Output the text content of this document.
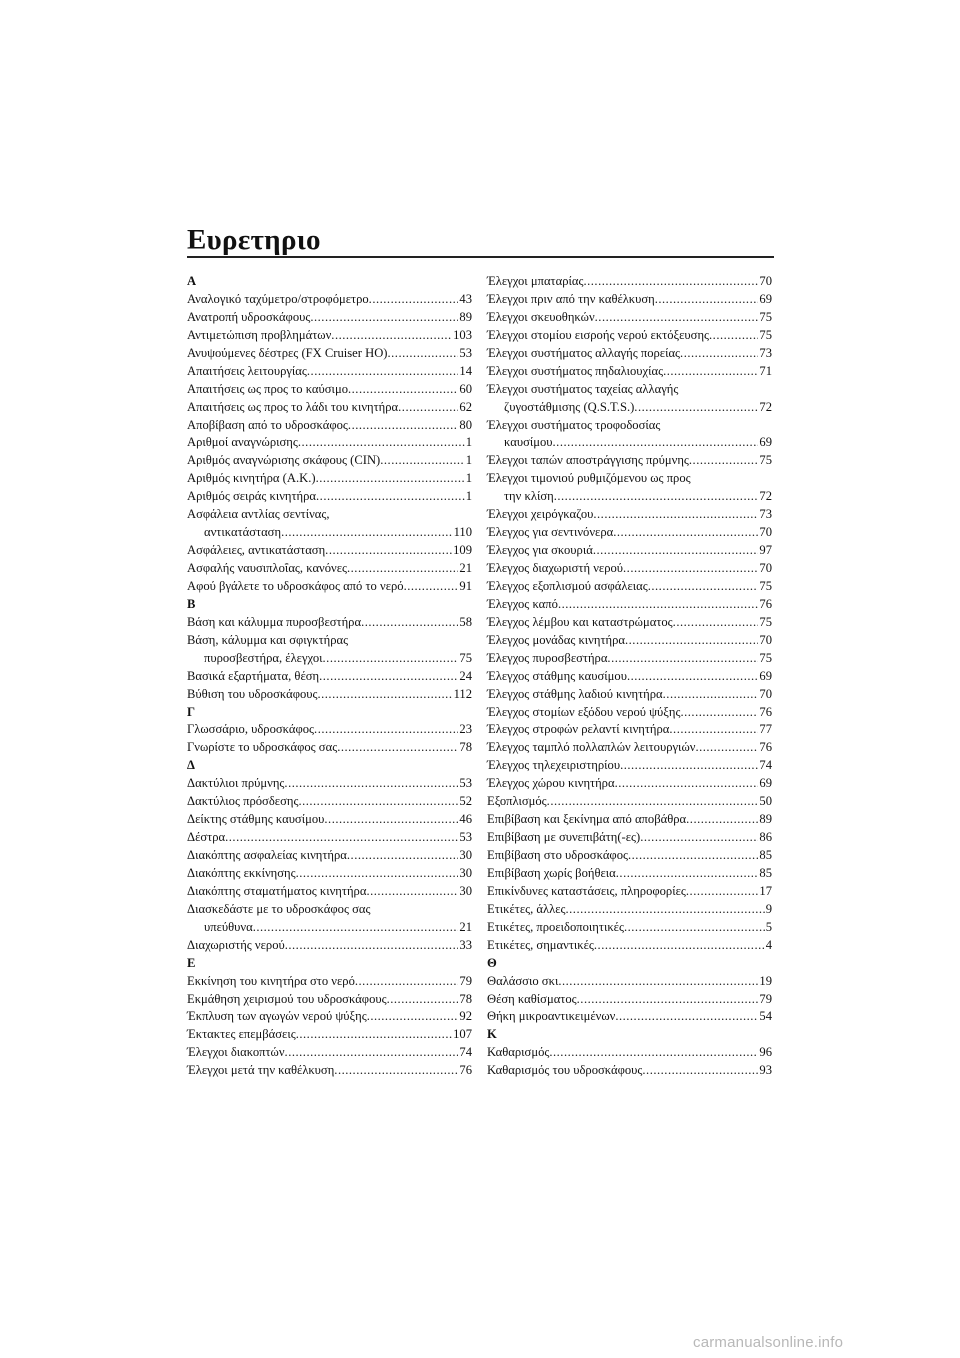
Ευρετηριο
Α
Αναλογικό ταχύμετρο/στροφόμετρο .....	43
Ανατροπή υδροσκάφους .....	89
Αντιμετώπιση προβλημάτων .....	103
Ανυψούμενες δέστρες (FX Cruiser HO) .....	53
Απαιτήσεις λειτουργίας .....	14
Απαιτήσεις ως προς το καύσιμο .....	60
Απαιτήσεις ως προς το λάδι του κινητήρα .....	62
Αποβίβαση από το υδροσκάφος .....	80
Αριθμοί αναγνώρισης .....	1
Αριθμός αναγνώρισης σκάφους (CIN) .....	1
Αριθμός κινητήρα (Α.Κ.) .....	1
Αριθμός σειράς κινητήρα .....	1
Ασφάλεια αντλίας σεντίνας,
αντικατάσταση .....	110
Ασφάλειες, αντικατάσταση .....	109
Ασφαλής ναυσιπλοΐας, κανόνες .....	21
Αφού βγάλετε το υδροσκάφος από το νερό .....	91
Β
Βάση και κάλυμμα πυροσβεστήρα .....	58
Βάση, κάλυμμα και σφιγκτήρας
πυροσβεστήρα, έλεγχοι .....	75
Βασικά εξαρτήματα, θέση .....	24
Βύθιση του υδροσκάφους .....	112
Γ
Γλωσσάριο, υδροσκάφος .....	23
Γνωρίστε το υδροσκάφος σας .....	78
Δ
Δακτύλιοι πρύμνης .....	53
Δακτύλιος πρόσδεσης .....	52
Δείκτης στάθμης καυσίμου .....	46
Δέστρα .....	53
Διακόπτης ασφαλείας κινητήρα .....	30
Διακόπτης εκκίνησης .....	30
Διακόπτης σταματήματος κινητήρα .....	30
Διασκεδάστε με το υδροσκάφος σας
υπεύθυνα .....	21
Διαχωριστής νερού .....	33
Ε
Εκκίνηση του κινητήρα στο νερό .....	79
Εκμάθηση χειρισμού του υδροσκάφους .....	78
Έκπλυση των αγωγών νερού ψύξης .....	92
Έκτακτες επεμβάσεις .....	107
Έλεγχοι διακοπτών .....	74
Έλεγχοι μετά την καθέλκυση .....	76
Έλεγχοι μπαταρίας .....	70
Έλεγχοι πριν από την καθέλκυση .....	69
Έλεγχοι σκευοθηκών .....	75
Έλεγχοι στομίου εισροής νερού εκτόξευσης .....	75
Έλεγχοι συστήματος αλλαγής πορείας .....	73
Έλεγχοι συστήματος πηδαλιουχίας .....	71
Έλεγχοι συστήματος ταχείας αλλαγής
ζυγοστάθμισης (Q.S.T.S.) .....	72
Έλεγχοι συστήματος τροφοδοσίας
καυσίμου .....	69
Έλεγχοι ταπών αποστράγγισης πρύμνης .....	75
Έλεγχοι τιμονιού ρυθμιζόμενου ως προς
την κλίση .....	72
Έλεγχοι χειρόγκαζου .....	73
Έλεγχος για σεντινόνερα .....	70
Έλεγχος για σκουριά .....	97
Έλεγχος διαχωριστή νερού .....	70
Έλεγχος εξοπλισμού ασφάλειας .....	75
Έλεγχος καπό .....	76
Έλεγχος λέμβου και καταστρώματος .....	75
Έλεγχος μονάδας κινητήρα .....	70
Έλεγχος πυροσβεστήρα .....	75
Έλεγχος στάθμης καυσίμου .....	69
Έλεγχος στάθμης λαδιού κινητήρα .....	70
Έλεγχος στομίων εξόδου νερού ψύξης .....	76
Έλεγχος στροφών ρελαντί κινητήρα .....	77
Έλεγχος ταμπλό πολλαπλών λειτουργιών .....	76
Έλεγχος τηλεχειριστηρίου .....	74
Έλεγχος χώρου κινητήρα .....	69
Εξοπλισμός .....	50
Επιβίβαση και ξεκίνημα από αποβάθρα .....	89
Επιβίβαση με συνεπιβάτη(-ες) .....	86
Επιβίβαση στο υδροσκάφος .....	85
Επιβίβαση χωρίς βοήθεια .....	85
Επικίνδυνες καταστάσεις, πληροφορίες .....	17
Ετικέτες, άλλες .....	9
Ετικέτες, προειδοποιητικές .....	5
Ετικέτες, σημαντικές .....	4
Θ
Θαλάσσιο σκι .....	19
Θέση καθίσματος .....	79
Θήκη μικροαντικειμένων .....	54
Κ
Καθαρισμός .....	96
Καθαρισμός του υδροσκάφους .....	93
carmanualsonline.info
